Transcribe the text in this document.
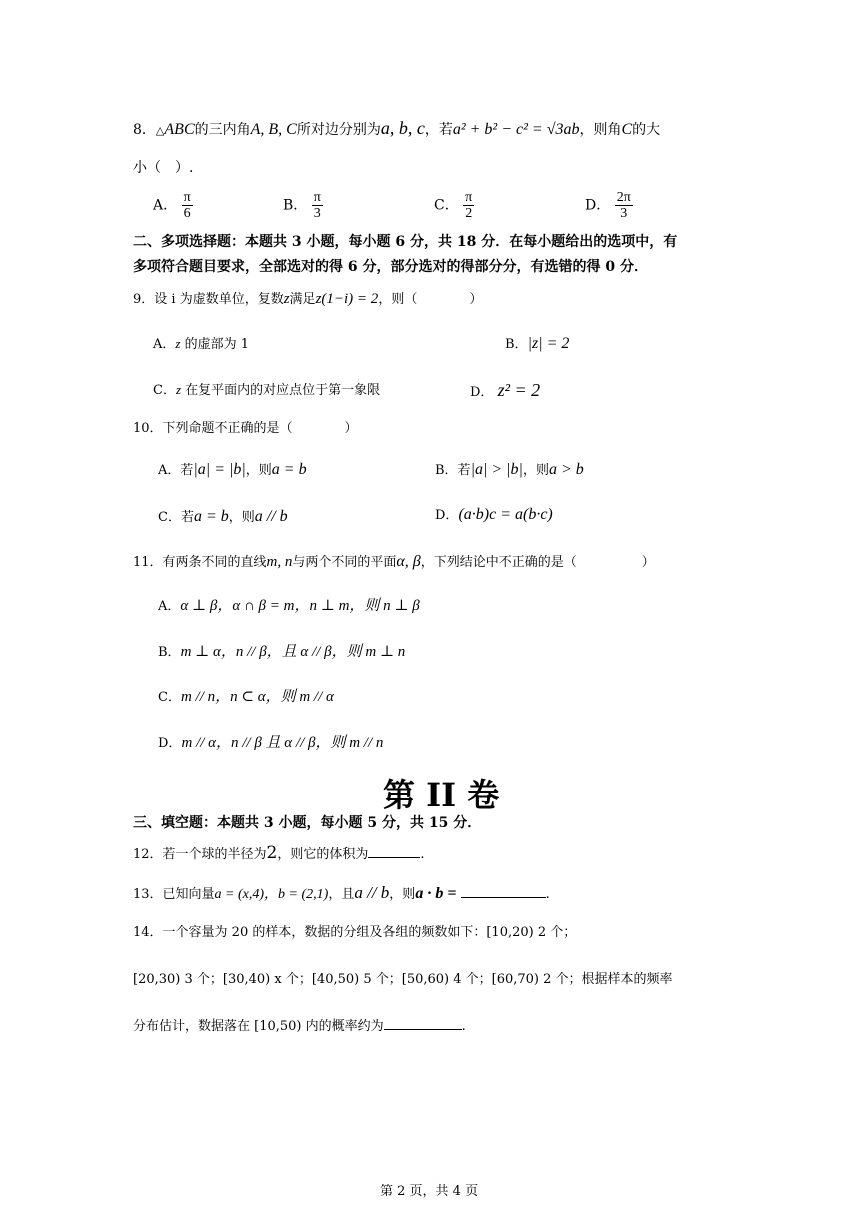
8．△ABC的三内角A, B, C所对边分别为a, b, c，若a² + b² − c² = √3ab，则角C的大
小（　）.
A． $\frac{\pi}{6}$	B． $\frac{\pi}{3}$	C． $\frac{\pi}{2}$	D． $\frac{2\pi}{3}$
二、多项选择题：本题共 3 小题，每小题 6 分，共 18 分．在每小题给出的选项中，有
多项符合题目要求，全部选对的得 6 分，部分选对的得部分分，有选错的得 0 分．
9．设 i 为虚数单位，复数z满足z(1−i) = 2，则（　　　　）
A．z 的虚部为 1	B．|z| = 2
C．z 在复平面内的对应点位于第一象限	D． z² = 2
10．下列命题不正确的是（　　　　）
A．若|a| = |b|，则a = b	B．若|a| > |b|，则a > b
C．若a = b，则a // b	D．(a·b)c = a(b·c)
11．有两条不同的直线m, n与两个不同的平面α, β，下列结论中不正确的是（　　　　　）
A．α ⊥ β，α ∩ β = m，n ⊥ m，则 n ⊥ β
B．m ⊥ α，n // β，且 α // β，则 m ⊥ n
C．m // n，n ⊂ α，则 m // α
D．m // α，n // β 且 α // β，则 m // n
第 II 卷
三、填空题：本题共 3 小题，每小题 5 分，共 15 分．
12．若一个球的半径为2，则它的体积为	.
13．已知向量a = (x,4)，b = (2,1)，且a // b，则a · b =	.
14．一个容量为 20 的样本，数据的分组及各组的频数如下：[10,20) 2 个；
[20,30) 3 个；[30,40) x 个；[40,50) 5 个；[50,60) 4 个；[60,70) 2 个；根据样本的频率
分布估计，数据落在 [10,50) 内的概率约为	.
第 2 页，共 4 页
